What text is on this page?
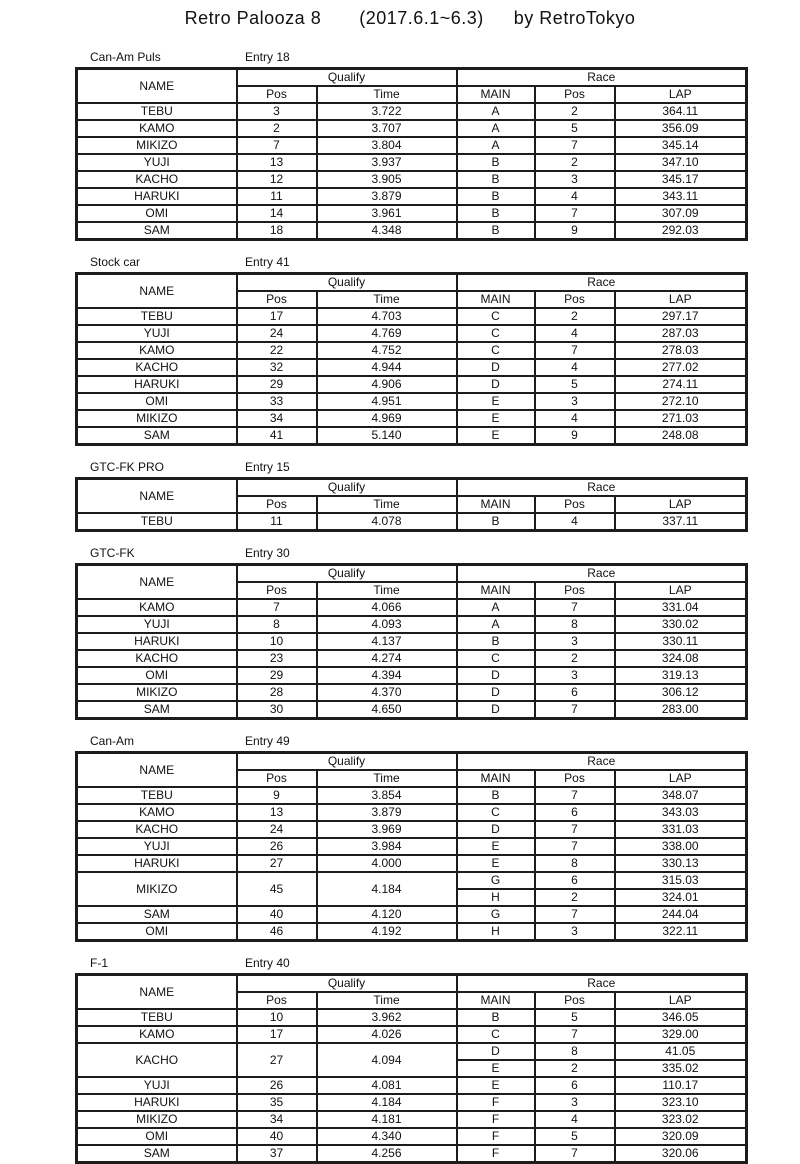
Retro Palooza 8 (2017.6.1~6.3) by RetroTokyo
Can-Am Puls	Entry 18
NAME	Qualify		Race		
	Pos	Time	MAIN	Pos	LAP
TEBU	3	3.722	A	2	364.11
KAMO	2	3.707	A	5	356.09
MIKIZO	7	3.804	A	7	345.14
YUJI	13	3.937	B	2	347.10
KACHO	12	3.905	B	3	345.17
HARUKI	11	3.879	B	4	343.11
OMI	14	3.961	B	7	307.09
SAM	18	4.348	B	9	292.03
Stock car	Entry 41
NAME	Qualify		Race		
	Pos	Time	MAIN	Pos	LAP
TEBU	17	4.703	C	2	297.17
YUJI	24	4.769	C	4	287.03
KAMO	22	4.752	C	7	278.03
KACHO	32	4.944	D	4	277.02
HARUKI	29	4.906	D	5	274.11
OMI	33	4.951	E	3	272.10
MIKIZO	34	4.969	E	4	271.03
SAM	41	5.140	E	9	248.08
GTC-FK PRO	Entry 15
NAME	Qualify		Race		
	Pos	Time	MAIN	Pos	LAP
TEBU	11	4.078	B	4	337.11
GTC-FK	Entry 30
NAME	Qualify		Race		
	Pos	Time	MAIN	Pos	LAP
KAMO	7	4.066	A	7	331.04
YUJI	8	4.093	A	8	330.02
HARUKI	10	4.137	B	3	330.11
KACHO	23	4.274	C	2	324.08
OMI	29	4.394	D	3	319.13
MIKIZO	28	4.370	D	6	306.12
SAM	30	4.650	D	7	283.00
Can-Am	Entry 49
NAME	Qualify		Race		
	Pos	Time	MAIN	Pos	LAP
TEBU	9	3.854	B	7	348.07
KAMO	13	3.879	C	6	343.03
KACHO	24	3.969	D	7	331.03
YUJI	26	3.984	E	7	338.00
HARUKI	27	4.000	E	8	330.13
MIKIZO	45	4.184	G	6	315.03
			H	2	324.01
SAM	40	4.120	G	7	244.04
OMI	46	4.192	H	3	322.11
F-1	Entry 40
NAME	Qualify		Race		
	Pos	Time	MAIN	Pos	LAP
TEBU	10	3.962	B	5	346.05
KAMO	17	4.026	C	7	329.00
KACHO	27	4.094	D	8	41.05
			E	2	335.02
YUJI	26	4.081	E	6	110.17
HARUKI	35	4.184	F	3	323.10
MIKIZO	34	4.181	F	4	323.02
OMI	40	4.340	F	5	320.09
SAM	37	4.256	F	7	320.06
